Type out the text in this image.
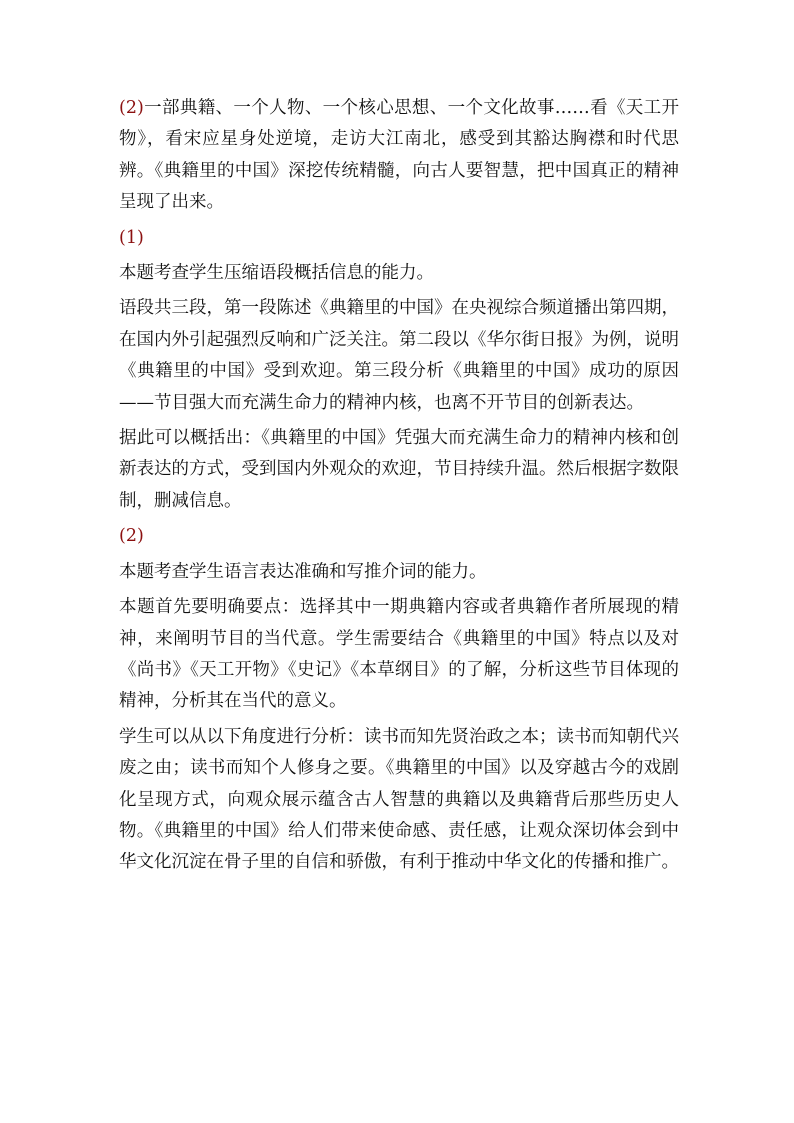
(2)一部典籍、一个人物、一个核心思想、一个文化故事……看《天工开物》，看宋应星身处逆境，走访大江南北，感受到其豁达胸襟和时代思辨。《典籍里的中国》深挖传统精髓，向古人要智慧，把中国真正的精神呈现了出来。

(1)

本题考查学生压缩语段概括信息的能力。

语段共三段，第一段陈述《典籍里的中国》在央视综合频道播出第四期，在国内外引起强烈反响和广泛关注。第二段以《华尔街日报》为例，说明《典籍里的中国》受到欢迎。第三段分析《典籍里的中国》成功的原因——节目强大而充满生命力的精神内核，也离不开节目的创新表达。

据此可以概括出：《典籍里的中国》凭强大而充满生命力的精神内核和创新表达的方式，受到国内外观众的欢迎，节目持续升温。然后根据字数限制，删减信息。

(2)

本题考查学生语言表达准确和写推介词的能力。

本题首先要明确要点：选择其中一期典籍内容或者典籍作者所展现的精神，来阐明节目的当代意。学生需要结合《典籍里的中国》特点以及对《尚书》《天工开物》《史记》《本草纲目》的了解，分析这些节目体现的精神，分析其在当代的意义。

学生可以从以下角度进行分析：读书而知先贤治政之本；读书而知朝代兴废之由；读书而知个人修身之要。《典籍里的中国》以及穿越古今的戏剧化呈现方式，向观众展示蕴含古人智慧的典籍以及典籍背后那些历史人物。《典籍里的中国》给人们带来使命感、责任感，让观众深切体会到中华文化沉淀在骨子里的自信和骄傲，有利于推动中华文化的传播和推广。
